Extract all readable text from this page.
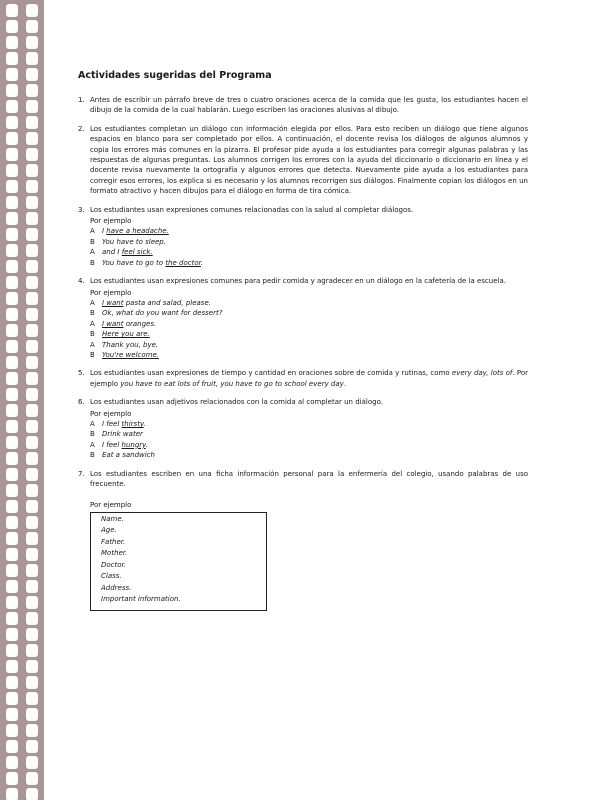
Actividades sugeridas del Programa
1. Antes de escribir un párrafo breve de tres o cuatro oraciones acerca de la comida que les gusta, los estudiantes hacen el dibujo de la comida de la cual hablarán. Luego escriben las oraciones alusivas al dibujo.
2. Los estudiantes completan un diálogo con información elegida por ellos. Para esto reciben un diálogo que tiene algunos espacios en blanco para ser completado por ellos. A continuación, el docente revisa los diálogos de algunos alumnos y copia los errores más comunes en la pizarra. El profesor pide ayuda a los estudiantes para corregir algunas palabras y las respuestas de algunas preguntas. Los alumnos corrigen los errores con la ayuda del diccionario o diccionario en línea y el docente revisa nuevamente la ortografía y algunos errores que detecta. Nuevamente pide ayuda a los estudiantes para corregir esos errores, los explica si es necesario y los alumnos recorrigen sus diálogos. Finalmente copian los diálogos en un formato atractivo y hacen dibujos para el diálogo en forma de tira cómica.
3. Los estudiantes usan expresiones comunes relacionadas con la salud al completar diálogos.
Por ejemplo
A	I have a headache.
B	You have to sleep.
A	and I feel sick.
B	You have to go to the doctor.
4. Los estudiantes usan expresiones comunes para pedir comida y agradecer en un diálogo en la cafetería de la escuela.
Por ejemplo
A	I want pasta and salad, please.
B	Ok, what do you want for dessert?
A	I want oranges.
B	Here you are.
A	Thank you, bye.
B	You're welcome.
5. Los estudiantes usan expresiones de tiempo y cantidad en oraciones sobre de comida y rutinas, como every day, lots of. Por ejemplo you have to eat lots of fruit, you have to go to school every day.
6. Los estudiantes usan adjetivos relacionados con la comida al completar un diálogo.
Por ejemplo
A	I feel thirsty.
B	Drink water
A	I feel hungry.
B	Eat a sandwich
7. Los estudiantes escriben en una ficha información personal para la enfermería del colegio, usando palabras de uso frecuente.
Por ejemplo
Name.
Age.
Father.
Mother.
Doctor.
Class.
Address.
Important information.
